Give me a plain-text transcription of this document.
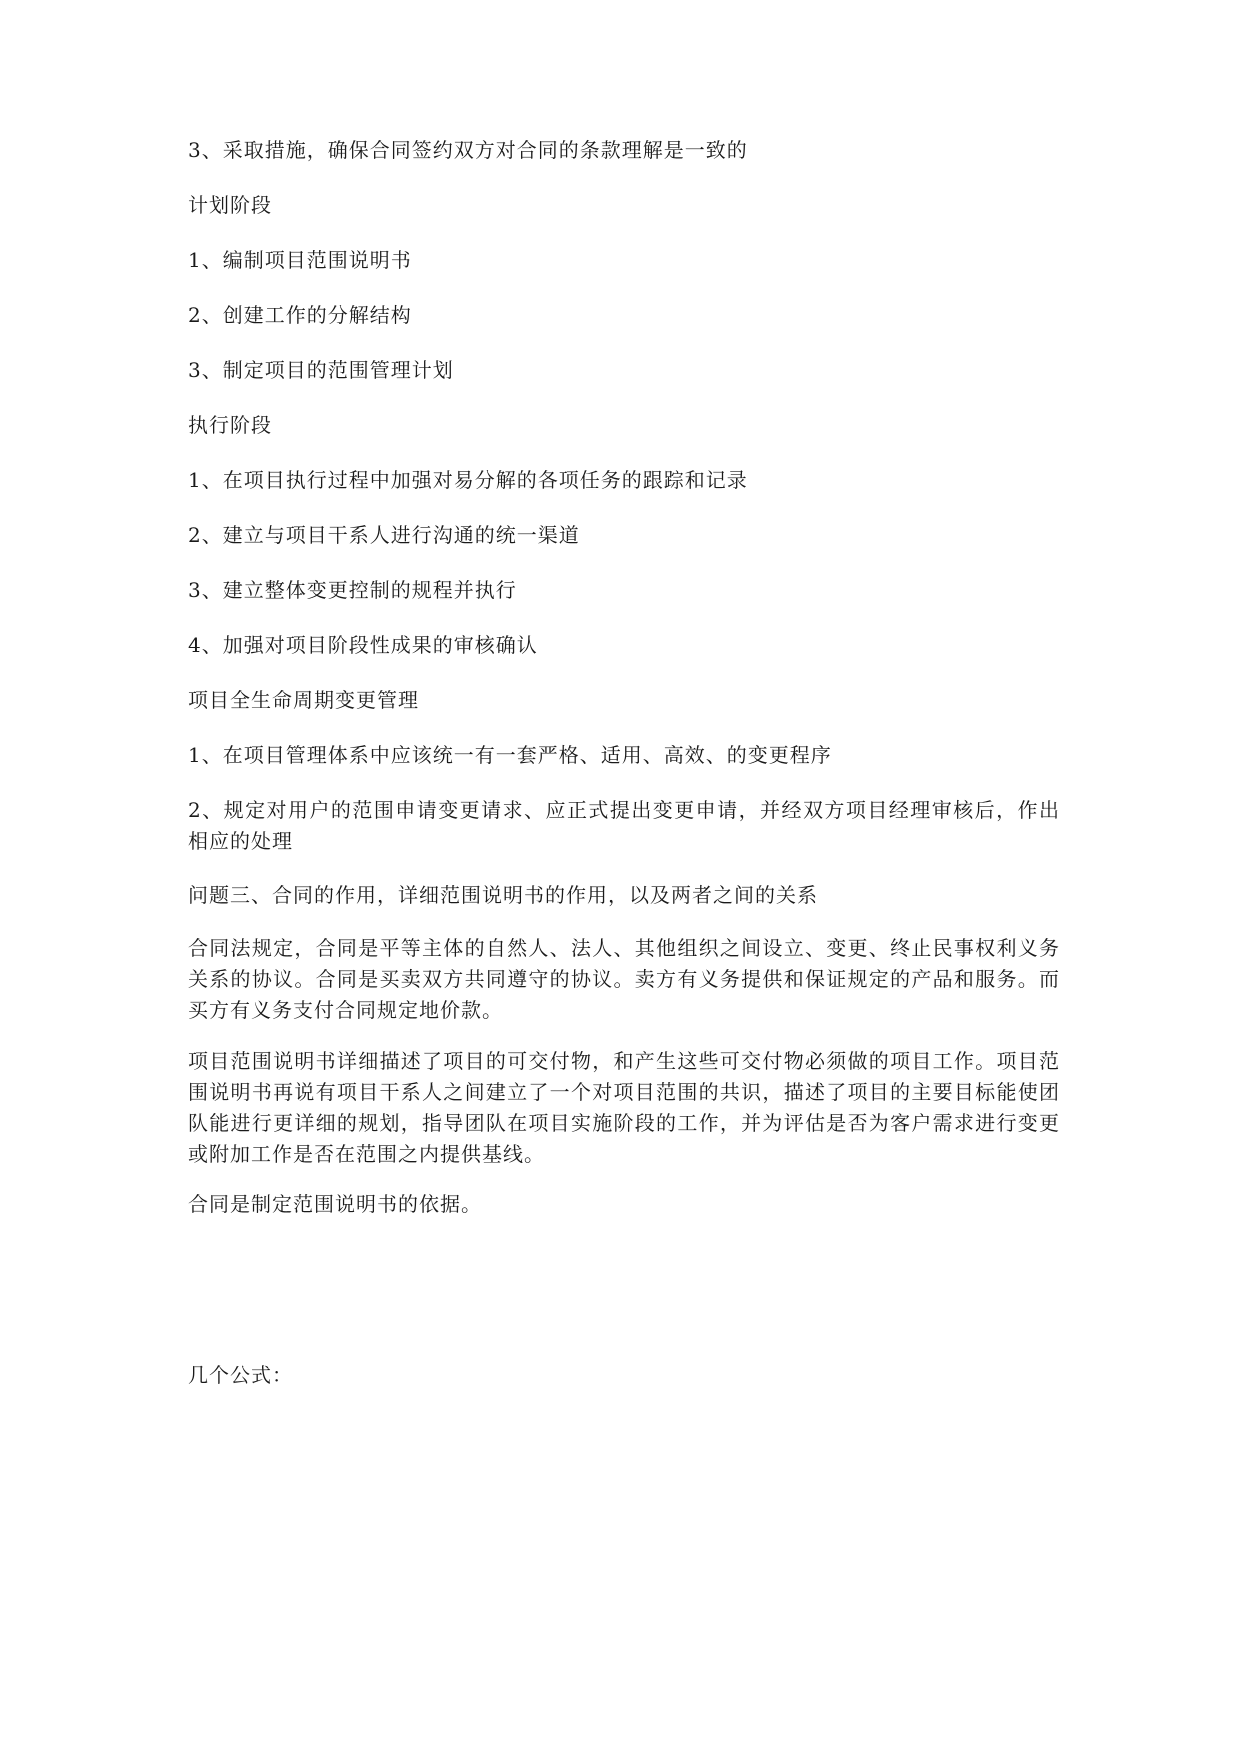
3、采取措施，确保合同签约双方对合同的条款理解是一致的
计划阶段
1、编制项目范围说明书
2、创建工作的分解结构
3、制定项目的范围管理计划
执行阶段
1、在项目执行过程中加强对易分解的各项任务的跟踪和记录
2、建立与项目干系人进行沟通的统一渠道
3、建立整体变更控制的规程并执行
4、加强对项目阶段性成果的审核确认
项目全生命周期变更管理
1、在项目管理体系中应该统一有一套严格、适用、高效、的变更程序
2、规定对用户的范围申请变更请求、应正式提出变更申请，并经双方项目经理审核后，作出相应的处理
问题三、合同的作用，详细范围说明书的作用，以及两者之间的关系
合同法规定，合同是平等主体的自然人、法人、其他组织之间设立、变更、终止民事权利义务关系的协议。合同是买卖双方共同遵守的协议。卖方有义务提供和保证规定的产品和服务。而买方有义务支付合同规定地价款。
项目范围说明书详细描述了项目的可交付物，和产生这些可交付物必须做的项目工作。项目范围说明书再说有项目干系人之间建立了一个对项目范围的共识，描述了项目的主要目标能使团队能进行更详细的规划，指导团队在项目实施阶段的工作，并为评估是否为客户需求进行变更或附加工作是否在范围之内提供基线。
合同是制定范围说明书的依据。
几个公式：
